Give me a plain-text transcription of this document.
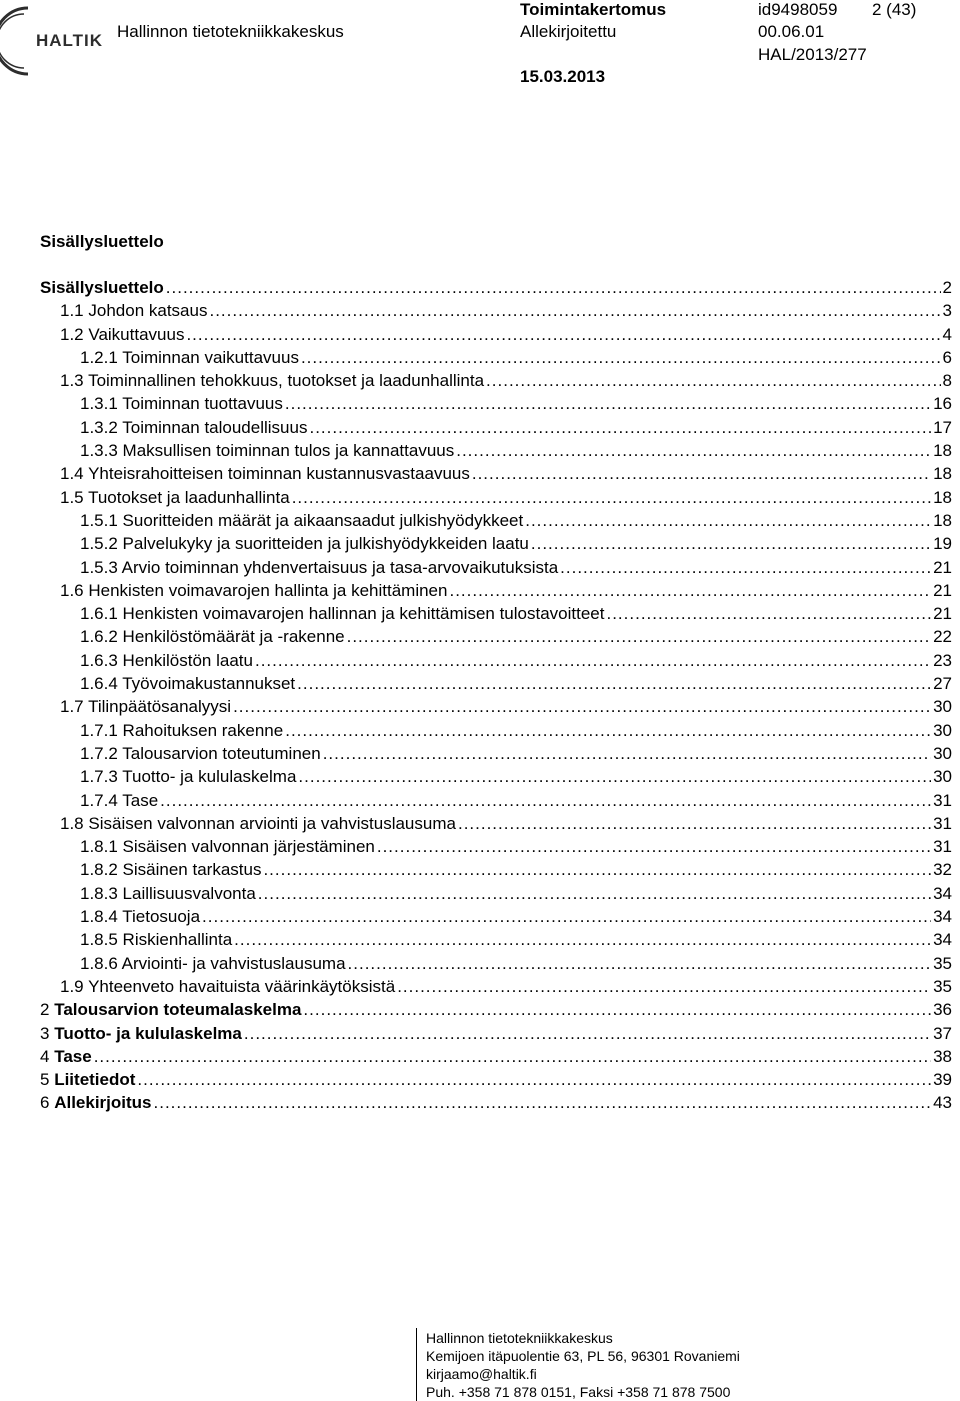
HALTIK Hallinnon tietotekniikkakeskus
Toimintakertomus
Allekirjoitettu
15.03.2013
id9498059 2 (43)
00.06.01
HAL/2013/277
Sisällysluettelo
Sisällysluettelo .....	2
1.1 Johdon katsaus .....	3
1.2 Vaikuttavuus .....	4
1.2.1 Toiminnan vaikuttavuus .....	6
1.3 Toiminnallinen tehokkuus, tuotokset ja laadunhallinta .....	8
1.3.1 Toiminnan tuottavuus .....	16
1.3.2 Toiminnan taloudellisuus .....	17
1.3.3 Maksullisen toiminnan tulos ja kannattavuus .....	18
1.4 Yhteisrahoitteisen toiminnan kustannusvastaavuus .....	18
1.5 Tuotokset ja laadunhallinta .....	18
1.5.1 Suoritteiden määrät ja aikaansaadut julkishyödykkeet .....	18
1.5.2 Palvelukyky ja suoritteiden ja julkishyödykkeiden laatu .....	19
1.5.3 Arvio toiminnan yhdenvertaisuus ja tasa-arvovaikutuksista .....	21
1.6 Henkisten voimavarojen hallinta ja kehittäminen .....	21
1.6.1 Henkisten voimavarojen hallinnan ja kehittämisen tulostavoitteet .....	21
1.6.2 Henkilöstömäärät ja -rakenne .....	22
1.6.3 Henkilöstön laatu .....	23
1.6.4 Työvoimakustannukset .....	27
1.7 Tilinpäätösanalyysi .....	30
1.7.1 Rahoituksen rakenne .....	30
1.7.2 Talousarvion toteutuminen .....	30
1.7.3 Tuotto- ja kululaskelma .....	30
1.7.4 Tase .....	31
1.8 Sisäisen valvonnan arviointi ja vahvistuslausuma .....	31
1.8.1 Sisäisen valvonnan järjestäminen .....	31
1.8.2 Sisäinen tarkastus .....	32
1.8.3 Laillisuusvalvonta .....	34
1.8.4 Tietosuoja .....	34
1.8.5 Riskienhallinta .....	34
1.8.6 Arviointi- ja vahvistuslausuma .....	35
1.9 Yhteenveto havaituista väärinkäytöksistä .....	35
2 Talousarvion toteumalaskelma .....	36
3 Tuotto- ja kululaskelma .....	37
4 Tase .....	38
5 Liitetiedot .....	39
6 Allekirjoitus .....	43
Hallinnon tietotekniikkakeskus
Kemijoen itäpuolentie 63, PL 56, 96301 Rovaniemi
kirjaamo@haltik.fi
Puh. +358 71 878 0151, Faksi +358 71 878 7500
